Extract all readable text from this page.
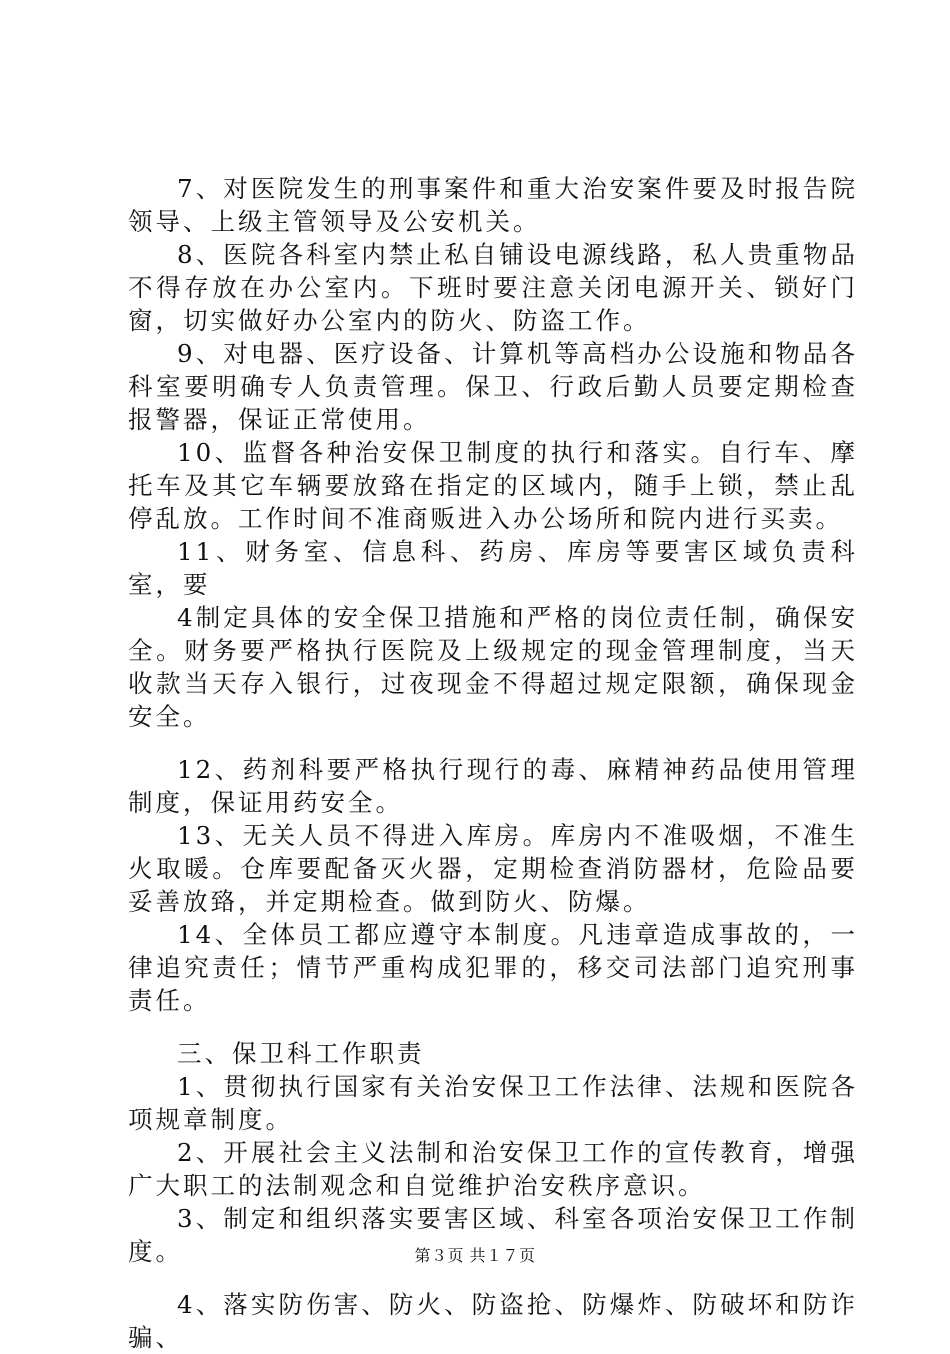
7、对医院发生的刑事案件和重大治安案件要及时报告院领导、上级主管领导及公安机关。

8、医院各科室内禁止私自铺设电源线路，私人贵重物品不得存放在办公室内。下班时要注意关闭电源开关、锁好门窗，切实做好办公室内的防火、防盗工作。

9、对电器、医疗设备、计算机等高档办公设施和物品各科室要明确专人负责管理。保卫、行政后勤人员要定期检查报警器，保证正常使用。

10、监督各种治安保卫制度的执行和落实。自行车、摩托车及其它车辆要放臵在指定的区域内，随手上锁，禁止乱停乱放。工作时间不准商贩进入办公场所和院内进行买卖。

11、财务室、信息科、药房、库房等要害区域负责科室，要

4制定具体的安全保卫措施和严格的岗位责任制，确保安全。财务要严格执行医院及上级规定的现金管理制度，当天收款当天存入银行，过夜现金不得超过规定限额，确保现金安全。

12、药剂科要严格执行现行的毒、麻精神药品使用管理制度，保证用药安全。

13、无关人员不得进入库房。库房内不准吸烟，不准生火取暖。仓库要配备灭火器，定期检查消防器材，危险品要妥善放臵，并定期检查。做到防火、防爆。

14、全体员工都应遵守本制度。凡违章造成事故的，一律追究责任；情节严重构成犯罪的，移交司法部门追究刑事责任。

三、保卫科工作职责

1、贯彻执行国家有关治安保卫工作法律、法规和医院各项规章制度。

2、开展社会主义法制和治安保卫工作的宣传教育，增强广大职工的法制观念和自觉维护治安秩序意识。

3、制定和组织落实要害区域、科室各项治安保卫工作制度。

4、落实防伤害、防火、防盗抢、防爆炸、防破坏和防诈骗、

第３页 共１７页
